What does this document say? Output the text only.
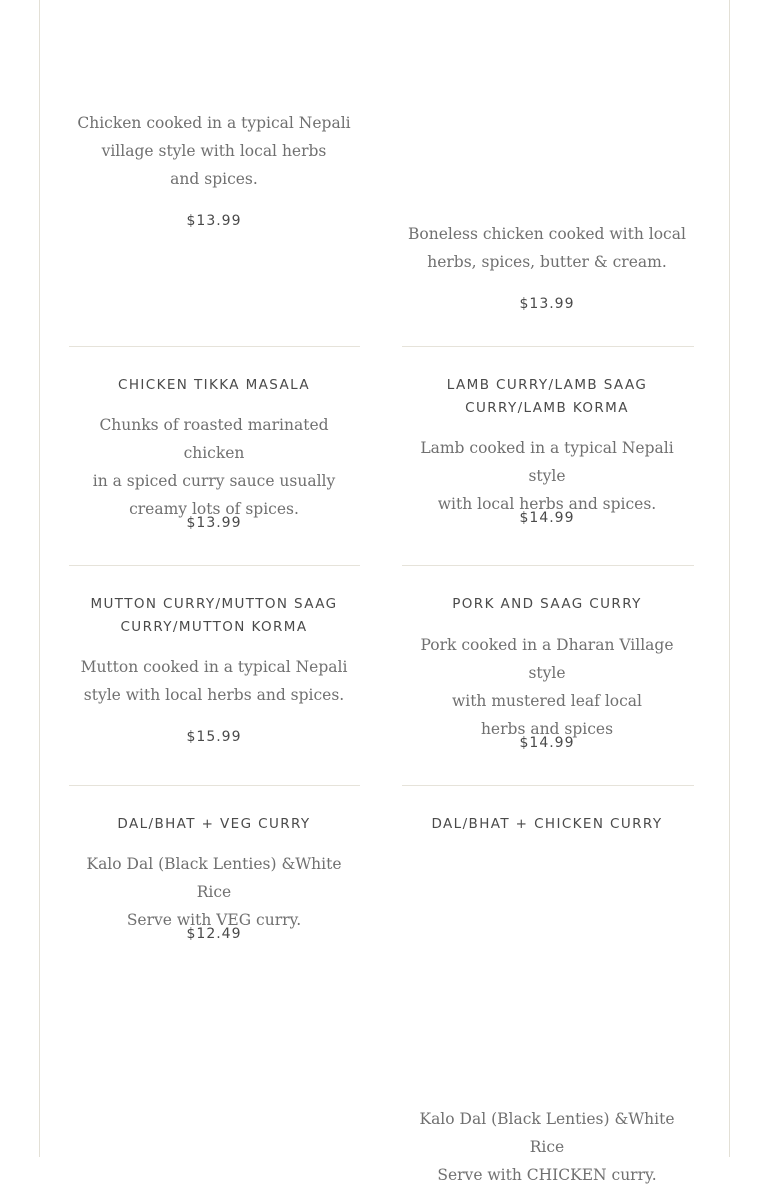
Chicken cooked in a typical Nepali
village style with local herbs
and spices.
$13.99
Boneless chicken cooked with local
herbs, spices, butter & cream.
$13.99
CHICKEN TIKKA MASALA
Chunks of roasted marinated chicken
in a spiced curry sauce usually
creamy lots of spices.
$13.99
LAMB CURRY/LAMB SAAG
CURRY/LAMB KORMA
Lamb cooked in a typical Nepali style
with local herbs and spices.
$14.99
MUTTON CURRY/MUTTON SAAG
CURRY/MUTTON KORMA
Mutton cooked in a typical Nepali
style with local herbs and spices.
$15.99
PORK AND SAAG CURRY
Pork cooked in a Dharan Village style
with mustered leaf local
herbs and spices
$14.99
DAL/BHAT + VEG CURRY
Kalo Dal (Black Lenties) &White Rice
Serve with VEG curry.
$12.49
DAL/BHAT + CHICKEN CURRY
Kalo Dal (Black Lenties) &White Rice
Serve with CHICKEN curry.
